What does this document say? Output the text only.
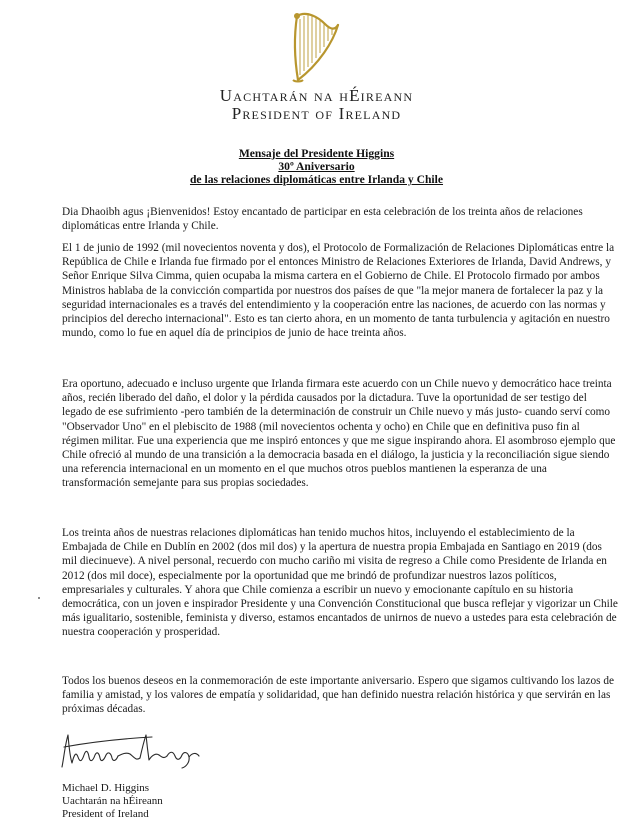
Uachtarán na hÉireann
President of Ireland
Mensaje del Presidente Higgins
30º Aniversario
de las relaciones diplomáticas entre Irlanda y Chile

Dia Dhaoibh agus ¡Bienvenidos! Estoy encantado de participar en esta celebración de los treinta años de relaciones diplomáticas entre Irlanda y Chile.

El 1 de junio de 1992 (mil novecientos noventa y dos), el Protocolo de Formalización de Relaciones Diplomáticas entre la República de Chile e Irlanda fue firmado por el entonces Ministro de Relaciones Exteriores de Irlanda, David Andrews, y Señor Enrique Silva Cimma, quien ocupaba la misma cartera en el Gobierno de Chile. El Protocolo firmado por ambos Ministros hablaba de la convicción compartida por nuestros dos países de que "la mejor manera de fortalecer la paz y la seguridad internacionales es a través del entendimiento y la cooperación entre las naciones, de acuerdo con las normas y principios del derecho internacional". Esto es tan cierto ahora, en un momento de tanta turbulencia y agitación en nuestro mundo, como lo fue en aquel día de principios de junio de hace treinta años.

Era oportuno, adecuado e incluso urgente que Irlanda firmara este acuerdo con un Chile nuevo y democrático hace treinta años, recién liberado del daño, el dolor y la pérdida causados por la dictadura. Tuve la oportunidad de ser testigo del legado de ese sufrimiento -pero también de la determinación de construir un Chile nuevo y más justo- cuando serví como "Observador Uno" en el plebiscito de 1988 (mil novecientos ochenta y ocho) en Chile que en definitiva puso fin al régimen militar. Fue una experiencia que me inspiró entonces y que me sigue inspirando ahora. El asombroso ejemplo que Chile ofreció al mundo de una transición a la democracia basada en el diálogo, la justicia y la reconciliación sigue siendo una referencia internacional en un momento en el que muchos otros pueblos mantienen la esperanza de una transformación semejante para sus propias sociedades.

Los treinta años de nuestras relaciones diplomáticas han tenido muchos hitos, incluyendo el establecimiento de la Embajada de Chile en Dublín en 2002 (dos mil dos) y la apertura de nuestra propia Embajada en Santiago en 2019 (dos mil diecinueve). A nivel personal, recuerdo con mucho cariño mi visita de regreso a Chile como Presidente de Irlanda en 2012 (dos mil doce), especialmente por la oportunidad que me brindó de profundizar nuestros lazos políticos, empresariales y culturales. Y ahora que Chile comienza a escribir un nuevo y emocionante capítulo en su historia democrática, con un joven e inspirador Presidente y una Convención Constitucional que busca reflejar y vigorizar un Chile más igualitario, sostenible, feminista y diverso, estamos encantados de unirnos de nuevo a ustedes para esta celebración de nuestra cooperación y prosperidad.

Todos los buenos deseos en la conmemoración de este importante aniversario. Espero que sigamos cultivando los lazos de familia y amistad, y los valores de empatía y solidaridad, que han definido nuestra relación histórica y que servirán en las próximas décadas.

Michael D. Higgins
Uachtarán na hÉireann
President of Ireland
